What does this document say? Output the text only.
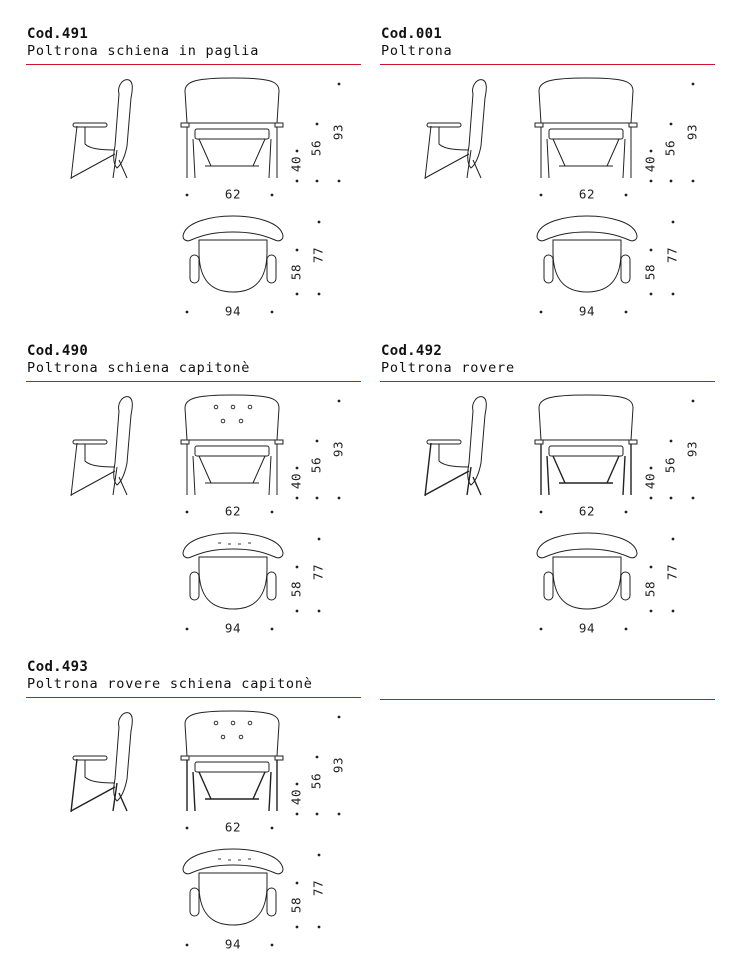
Cod.491
Poltrona schiena in paglia
62
40
56
93
94
58
77
Cod.001
Poltrona
62
40
56
93
94
58
77
Cod.490
Poltrona schiena capitonè
62
40
56
93
94
58
77
Cod.492
Poltrona rovere
62
40
56
93
94
58
77
Cod.493
Poltrona rovere schiena capitonè
62
40
56
93
94
58
77
